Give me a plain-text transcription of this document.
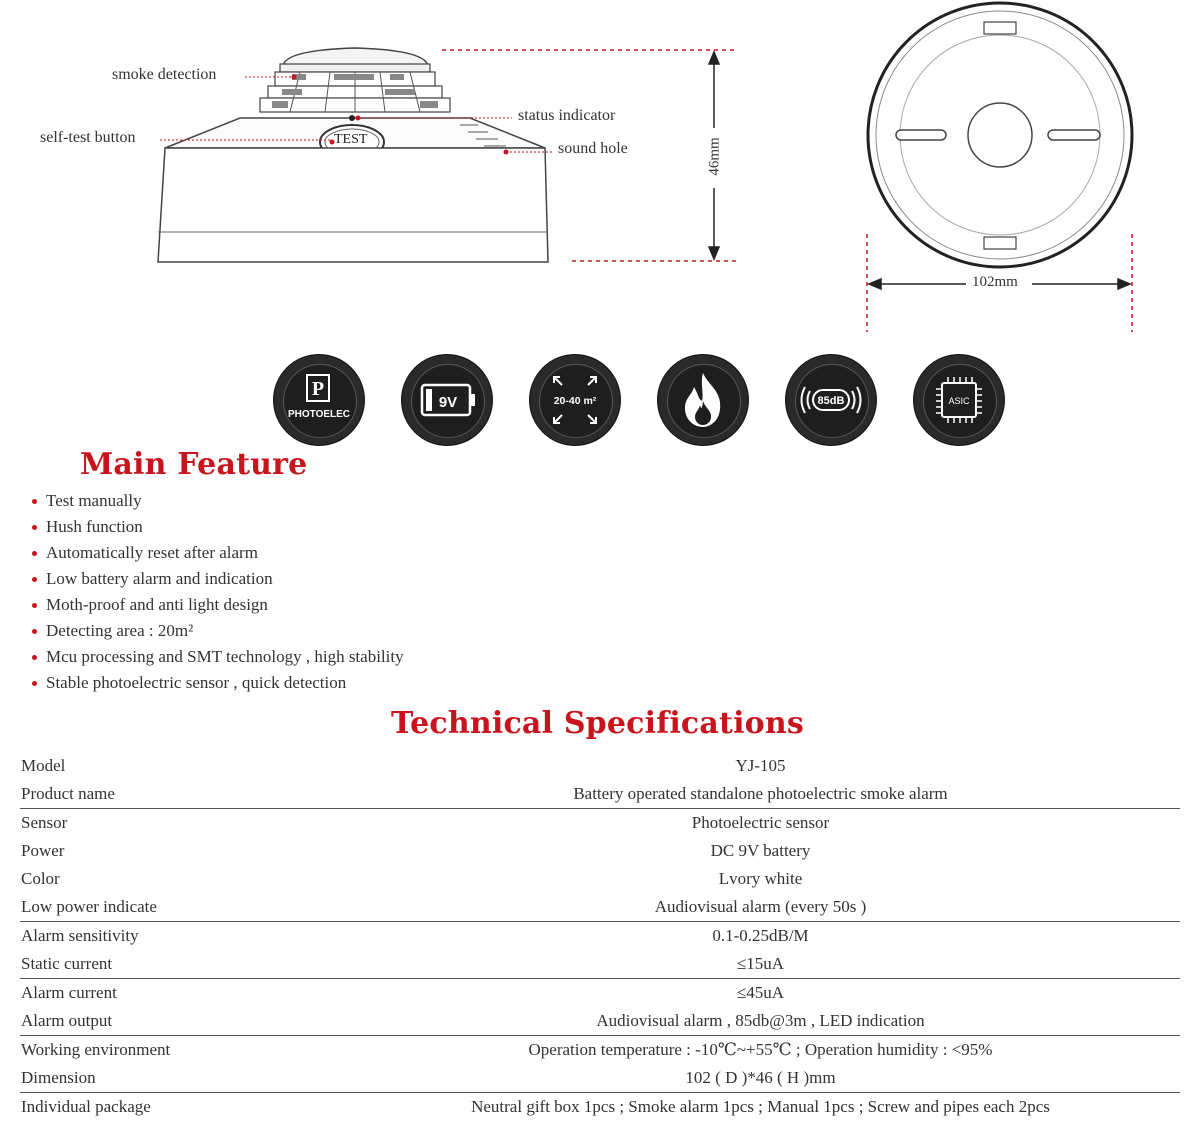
smoke detection
self-test button
status indicator
sound hole
TEST	46mm
102mm
P
PHOTOELEC
9V	20-40 m²	85dB	ASIC
Main Feature
Test manually
Hush function
Automatically reset after alarm
Low battery alarm and indication
Moth-proof and anti light design
Detecting area : 20m²
Mcu processing and SMT technology , high stability
Stable photoelectric sensor , quick detection
Technical Specifications
Model	YJ-105
Product name	Battery operated standalone photoelectric smoke alarm
Sensor	Photoelectric sensor
Power	DC 9V battery
Color	Lvory white
Low power indicate	Audiovisual alarm (every 50s )
Alarm sensitivity	0.1-0.25dB/M
Static current	≤15uA
Alarm current	≤45uA
Alarm output	Audiovisual alarm , 85db@3m , LED indication
Working environment	Operation temperature : -10℃~+55℃ ; Operation humidity : <95%
Dimension	102 ( D )*46 ( H )mm
Individual package	Neutral gift box 1pcs ; Smoke alarm 1pcs ; Manual 1pcs ; Screw and pipes each 2pcs
